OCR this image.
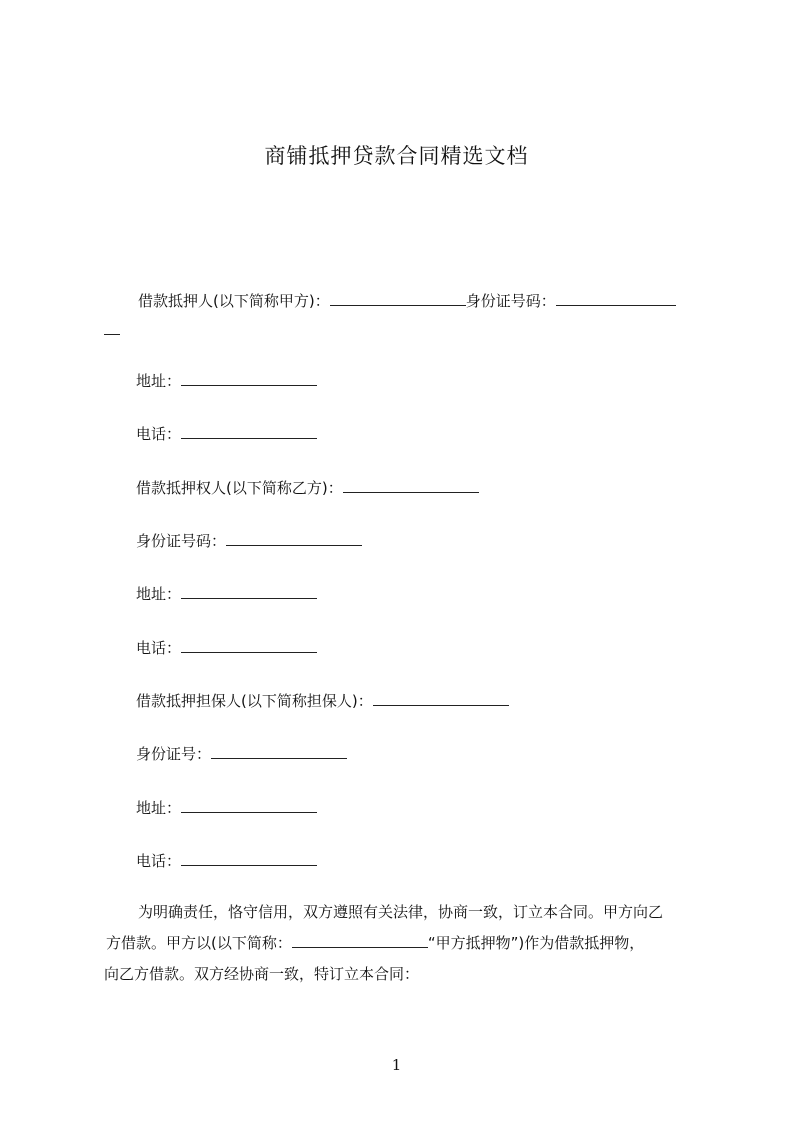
商铺抵押贷款合同精选文档
借款抵押人(以下简称甲方)：	身份证号码：
地址：
电话：
借款抵押权人(以下简称乙方)：
身份证号码：
地址：
电话：
借款抵押担保人(以下简称担保人)：
身份证号：
地址：
电话：
为明确责任，恪守信用，双方遵照有关法律，协商一致，订立本合同。甲方向乙
方借款。甲方以(以下简称：	“甲方抵押物”)作为借款抵押物，
向乙方借款。双方经协商一致，特订立本合同：
1
